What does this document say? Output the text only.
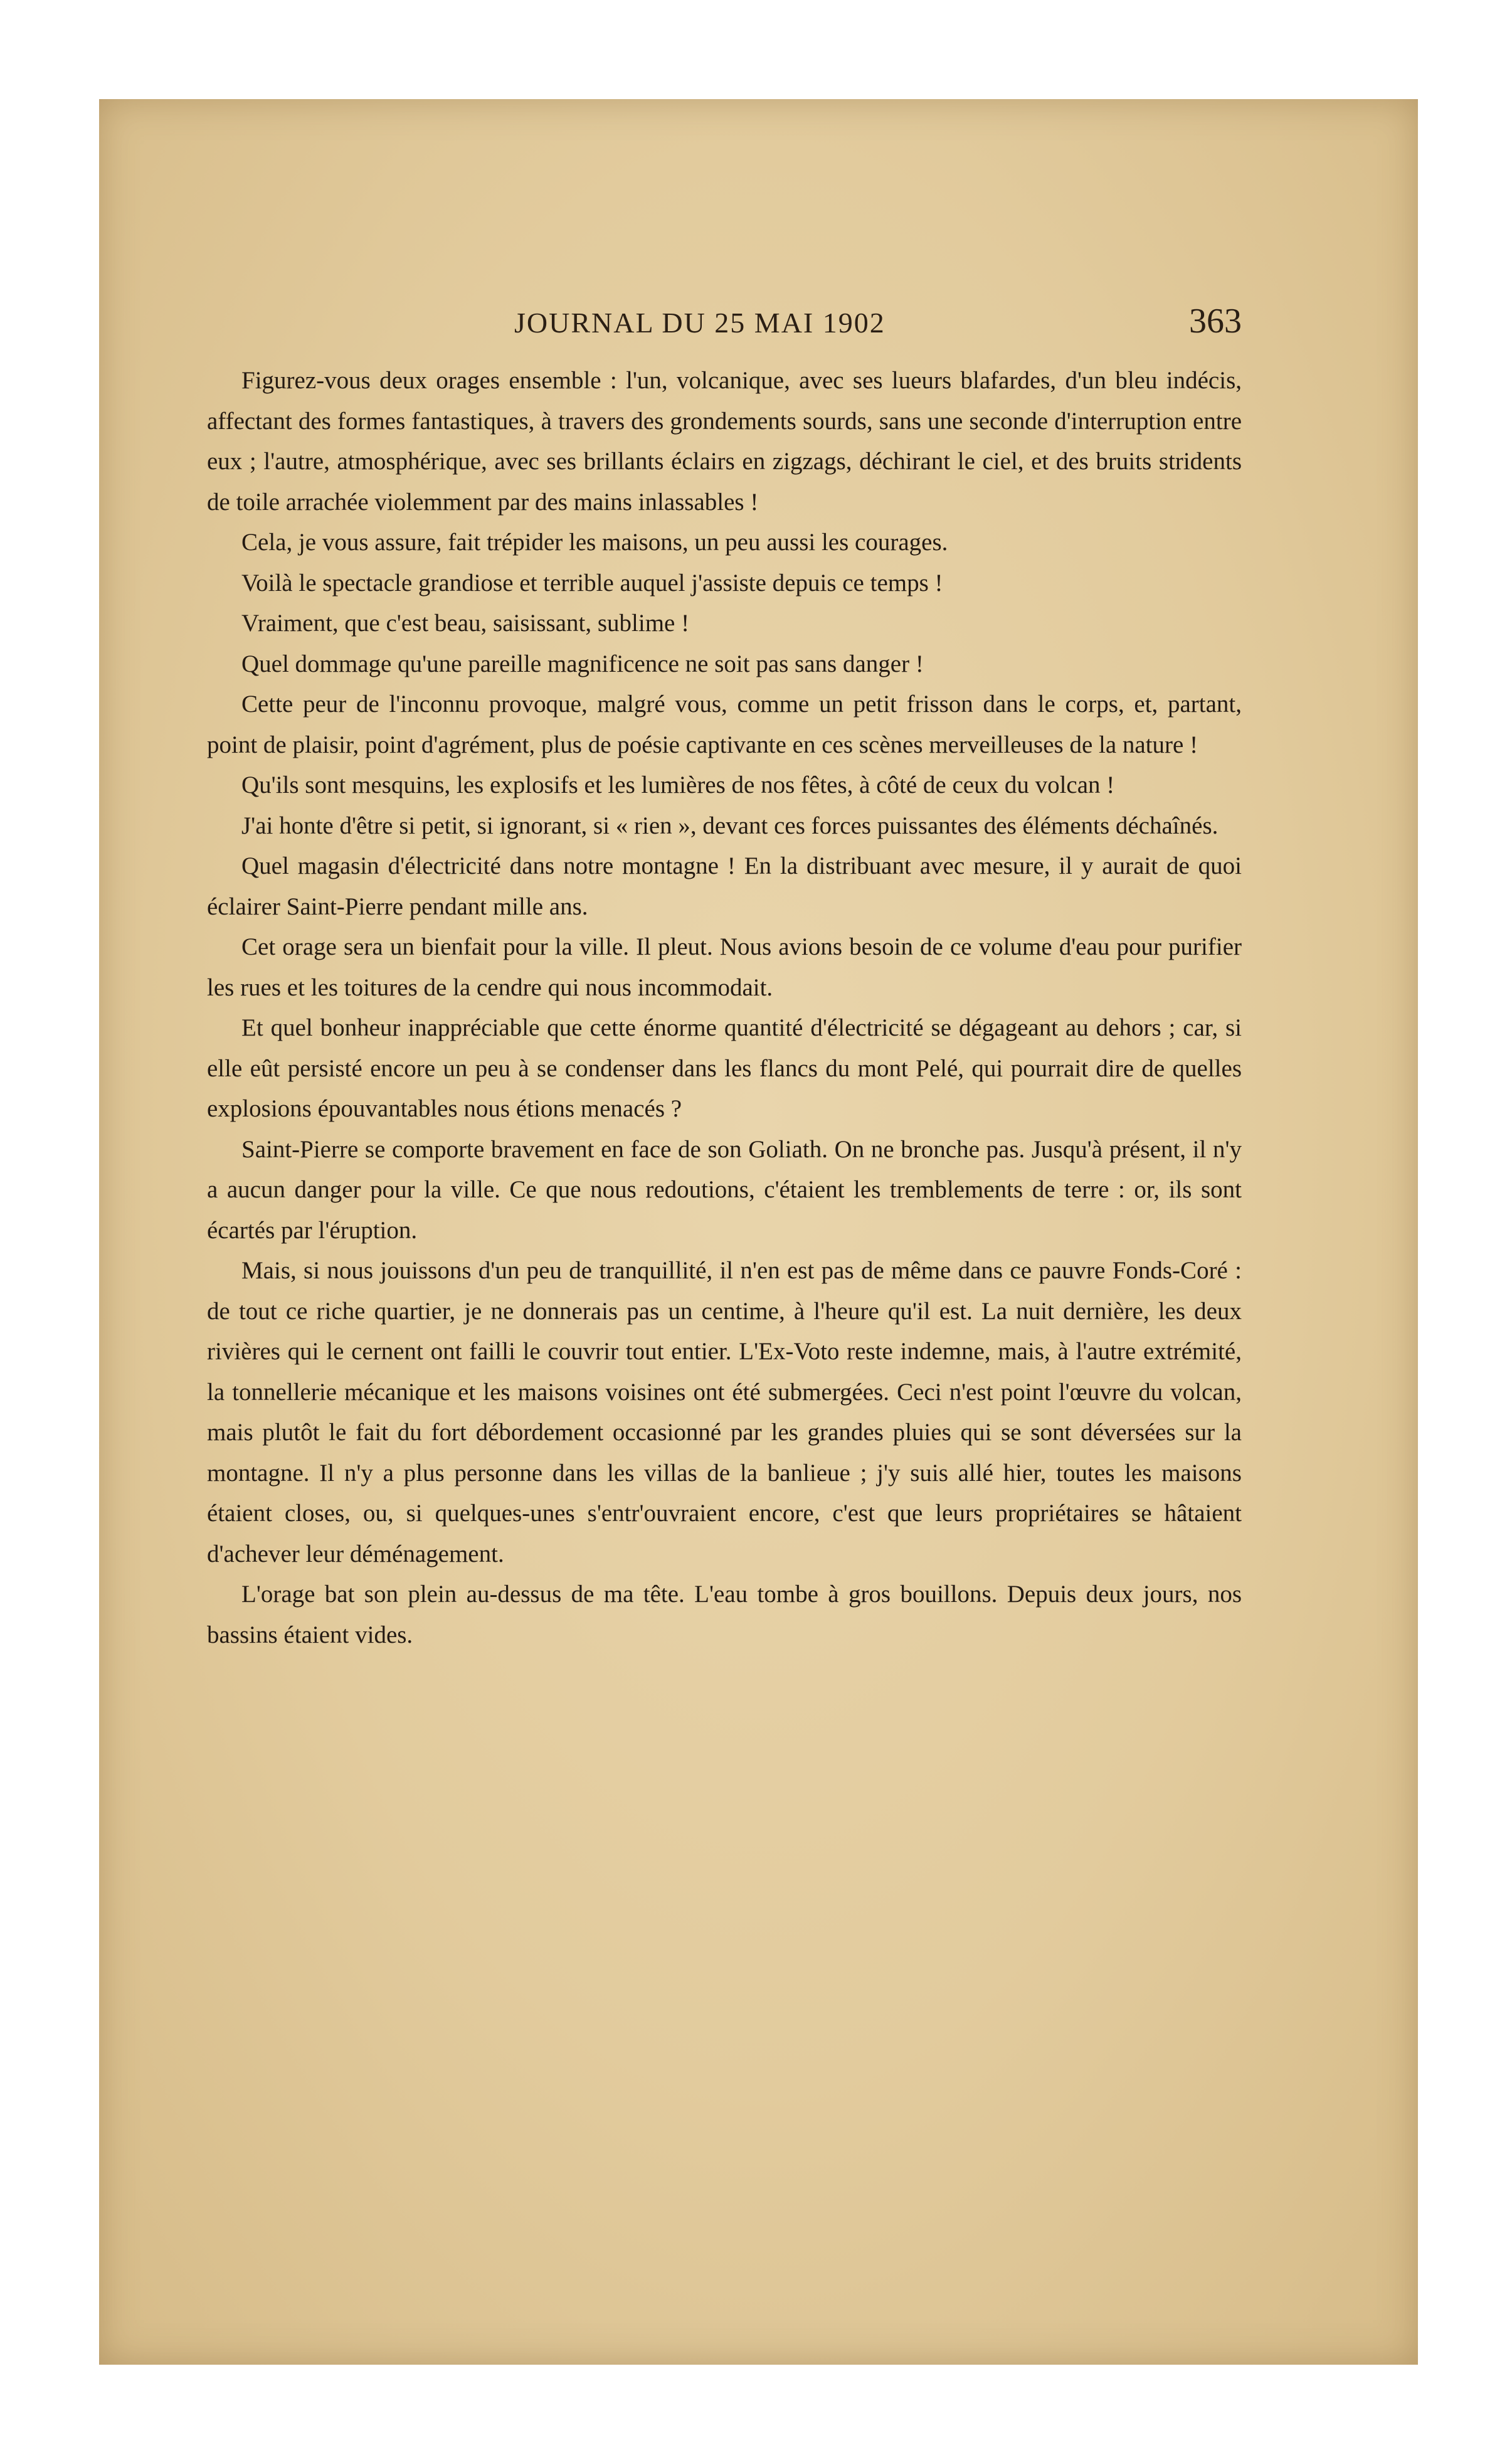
JOURNAL DU 25 MAI 1902	363

Figurez-vous deux orages ensemble : l'un, volcanique, avec ses lueurs blafardes, d'un bleu indécis, affectant des formes fantastiques, à travers des grondements sourds, sans une seconde d'interruption entre eux ; l'autre, atmosphérique, avec ses brillants éclairs en zigzags, déchirant le ciel, et des bruits stridents de toile arrachée violemment par des mains inlassables !

Cela, je vous assure, fait trépider les maisons, un peu aussi les courages.

Voilà le spectacle grandiose et terrible auquel j'assiste depuis ce temps !

Vraiment, que c'est beau, saisissant, sublime !

Quel dommage qu'une pareille magnificence ne soit pas sans danger !

Cette peur de l'inconnu provoque, malgré vous, comme un petit frisson dans le corps, et, partant, point de plaisir, point d'agrément, plus de poésie captivante en ces scènes merveilleuses de la nature !

Qu'ils sont mesquins, les explosifs et les lumières de nos fêtes, à côté de ceux du volcan !

J'ai honte d'être si petit, si ignorant, si « rien », devant ces forces puissantes des éléments déchaînés.

Quel magasin d'électricité dans notre montagne ! En la distribuant avec mesure, il y aurait de quoi éclairer Saint-Pierre pendant mille ans.

Cet orage sera un bienfait pour la ville. Il pleut. Nous avions besoin de ce volume d'eau pour purifier les rues et les toitures de la cendre qui nous incommodait.

Et quel bonheur inappréciable que cette énorme quantité d'électricité se dégageant au dehors ; car, si elle eût persisté encore un peu à se condenser dans les flancs du mont Pelé, qui pourrait dire de quelles explosions épouvantables nous étions menacés ?

Saint-Pierre se comporte bravement en face de son Goliath. On ne bronche pas. Jusqu'à présent, il n'y a aucun danger pour la ville. Ce que nous redoutions, c'étaient les tremblements de terre : or, ils sont écartés par l'éruption.

Mais, si nous jouissons d'un peu de tranquillité, il n'en est pas de même dans ce pauvre Fonds-Coré : de tout ce riche quartier, je ne donnerais pas un centime, à l'heure qu'il est. La nuit dernière, les deux rivières qui le cernent ont failli le couvrir tout entier. L'Ex-Voto reste indemne, mais, à l'autre extrémité, la tonnellerie mécanique et les maisons voisines ont été submergées. Ceci n'est point l'œuvre du volcan, mais plutôt le fait du fort débordement occasionné par les grandes pluies qui se sont déversées sur la montagne. Il n'y a plus personne dans les villas de la banlieue ; j'y suis allé hier, toutes les maisons étaient closes, ou, si quelques-unes s'entr'ouvraient encore, c'est que leurs propriétaires se hâtaient d'achever leur déménagement.

L'orage bat son plein au-dessus de ma tête. L'eau tombe à gros bouillons. Depuis deux jours, nos bassins étaient vides.
